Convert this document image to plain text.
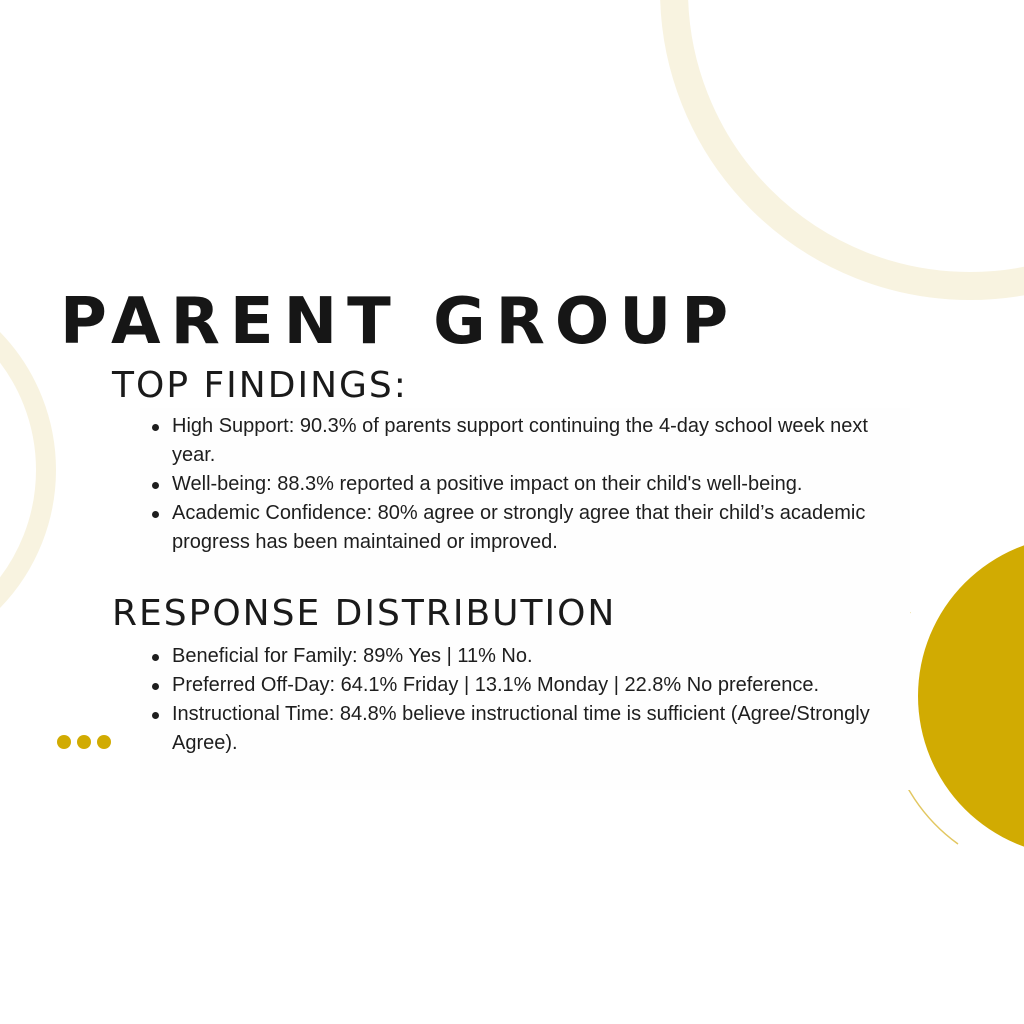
PARENT GROUP
TOP FINDINGS:
High Support: 90.3% of parents support continuing the 4-day school week next year.
Well-being: 88.3% reported a positive impact on their child's well-being.
Academic Confidence: 80% agree or strongly agree that their child’s academic progress has been maintained or improved.
RESPONSE DISTRIBUTION
Beneficial for Family: 89% Yes | 11% No.
Preferred Off-Day: 64.1% Friday | 13.1% Monday | 22.8% No preference.
Instructional Time: 84.8% believe instructional time is sufficient (Agree/Strongly Agree).
